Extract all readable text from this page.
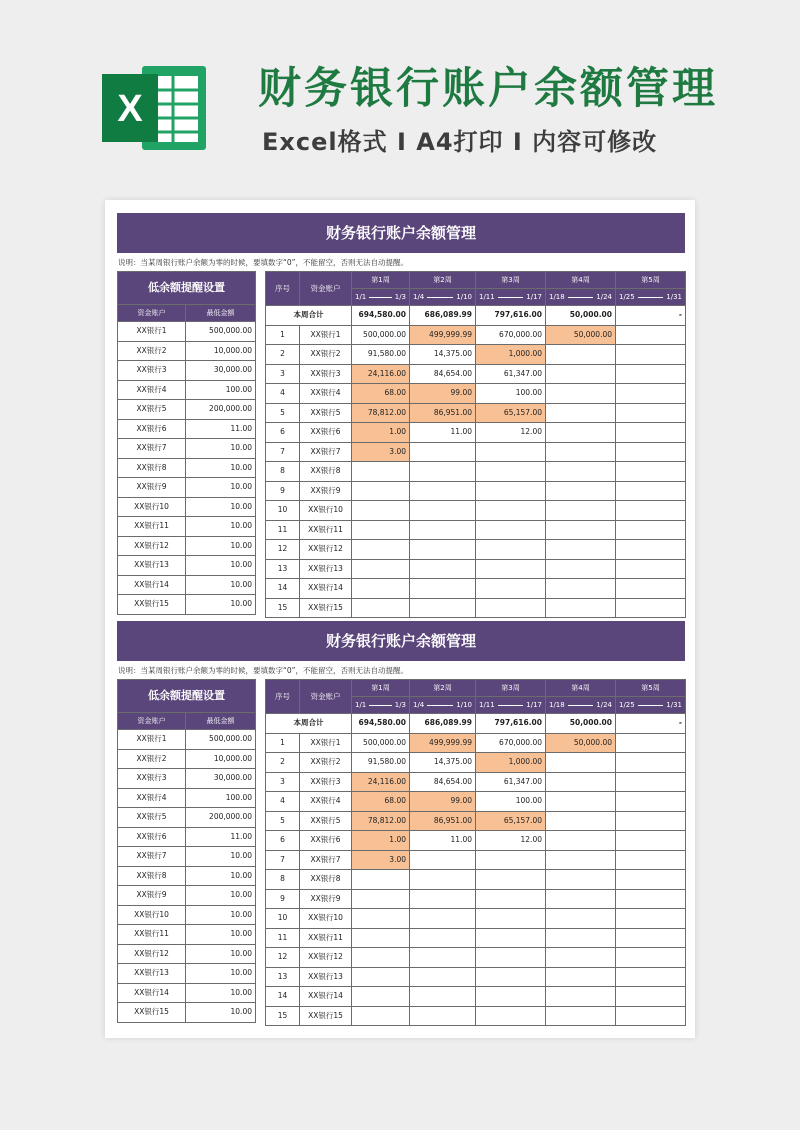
X	财务银行账户余额管理
Excel格式 I A4打印 I 内容可修改
财务银行账户余额管理
说明：当某周银行账户余额为零的时候，要填数字“0”，不能留空，否则无法自动提醒。
低余额提醒设置	
资金账户	最低金额
XX银行1	500,000.00
XX银行2	10,000.00
XX银行3	30,000.00
XX银行4	100.00
XX银行5	200,000.00
XX银行6	11.00
XX银行7	10.00
XX银行8	10.00
XX银行9	10.00
XX银行10	10.00
XX银行11	10.00
XX银行12	10.00
XX银行13	10.00
XX银行14	10.00
XX银行15	10.00
序号	资金账户	第1周	第2周	第3周	第4周	第5周

		1/1 1/3	1/4 1/10	1/11 1/17	1/18 1/24	1/25 1/31

本周合计		694,580.00	686,089.99	797,616.00	50,000.00	-
1	XX银行1	500,000.00	499,999.99	670,000.00	50,000.00	
2	XX银行2	91,580.00	14,375.00	1,000.00		
3	XX银行3	24,116.00	84,654.00	61,347.00		
4	XX银行4	68.00	99.00	100.00		
5	XX银行5	78,812.00	86,951.00	65,157.00		
6	XX银行6	1.00	11.00	12.00		
7	XX银行7	3.00				
8	XX银行8					
9	XX银行9					
10	XX银行10					
11	XX银行11					
12	XX银行12					
13	XX银行13					
14	XX银行14					
15	XX银行15					
财务银行账户余额管理
说明：当某周银行账户余额为零的时候，要填数字“0”，不能留空，否则无法自动提醒。
低余额提醒设置	
资金账户	最低金额
XX银行1	500,000.00
XX银行2	10,000.00
XX银行3	30,000.00
XX银行4	100.00
XX银行5	200,000.00
XX银行6	11.00
XX银行7	10.00
XX银行8	10.00
XX银行9	10.00
XX银行10	10.00
XX银行11	10.00
XX银行12	10.00
XX银行13	10.00
XX银行14	10.00
XX银行15	10.00
序号	资金账户	第1周	第2周	第3周	第4周	第5周

		1/1 1/3	1/4 1/10	1/11 1/17	1/18 1/24	1/25 1/31

本周合计		694,580.00	686,089.99	797,616.00	50,000.00	-
1	XX银行1	500,000.00	499,999.99	670,000.00	50,000.00	
2	XX银行2	91,580.00	14,375.00	1,000.00		
3	XX银行3	24,116.00	84,654.00	61,347.00		
4	XX银行4	68.00	99.00	100.00		
5	XX银行5	78,812.00	86,951.00	65,157.00		
6	XX银行6	1.00	11.00	12.00		
7	XX银行7	3.00				
8	XX银行8					
9	XX银行9					
10	XX银行10					
11	XX银行11					
12	XX银行12					
13	XX银行13					
14	XX银行14					
15	XX银行15					
